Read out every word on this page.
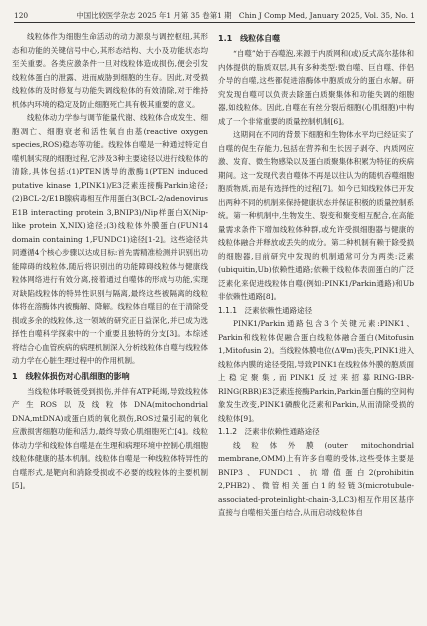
120	中国比较医学杂志 2025 年1 月第 35 卷第1 期　Chin J Comp Med, January 2025, Vol. 35, No. 1

线粒体作为细胞生命活动的动力源泉与调控枢纽,其形态和功能的关键信号中心,其形态结构、大小及功能状态均至关重要。各类应激条件一旦对线粒体造成损伤,便会引发线粒体蛋白的泄露、进而威胁到细胞的生存。因此,对受损线粒体的及时修复与功能失调线粒体的有效清除,对于维持机体内环境的稳定及防止细胞死亡具有极其重要的意义。

线粒体动力学参与调节能量代谢、线粒体合成发生、细胞凋亡、细胞衰老和活性氧自由基(reactive oxygen species,ROS)稳态等功能。线粒体自噬是一种通过特定自噬机制实现的细胞过程,它涉及3种主要途径以进行线粒体的清除,具体包括:(1)PTEN诱导的激酶1(PTEN induced putative kinase 1,PINK1)/E3泛素连接酶Parkin途径;(2)BCL-2/E1B腺病毒相互作用蛋白3(BCL-2/adenovirus E1B interacting protein 3,BNIP3)/Nip样蛋白X(Nip-like protein X,NIX)途径;(3)线粒体外膜蛋白(FUN14 domain containing 1,FUNDC1)途径[1-2]。这些途径共同遵循4个核心步骤以达成目标:首先需精准检测并识别出功能障碍的线粒体,随后将识别出的功能障碍线粒体与健康线粒体网络进行有效分离,接着通过自噬体的形成与功能,实现对缺陷线粒体的特异性识别与隔离,最终这些被隔离的线粒体将在溶酶体内被酶解、降解。线粒体自噬目的在于清除受损或多余的线粒体,这一领域的研究正日益深化,并已成为选择性自噬科学探索中的一个重要且独特的分支[3]。本综述将结合心血管疾病的病理机制深入分析线粒体自噬与线粒体动力学在心脏生理过程中的作用机制。

1　线粒体损伤对心肌细胞的影响

当线粒体呼吸链受到损伤,并伴有ATP耗竭,导致线粒体产生ROS以及线粒体DNA(mitochondrial DNA,mtDNA)或蛋白质的氧化损伤,ROS过量引起的氧化应激损害细胞功能和活力,最终导致心肌细胞死亡[4]。线粒体动力学和线粒体自噬是在生理和病理环境中控制心肌细胞线粒体健康的基本机制。线粒体自噬是一种线粒体特异性的自噬形式,是靶向和消除受损或不必要的线粒体的主要机制[5]。

1.1　线粒体自噬

“自噬”始于吞噬泡,来源于内质网和(或)反式高尔基体和内体提供的脂质双层,具有多种类型:微自噬、巨自噬、伴侣介导的自噬,这些都促进溶酶体中胞质成分的蛋白水解。研究发现自噬可以负责去除蛋白质聚集体和功能失调的细胞器,如线粒体。因此,自噬在有丝分裂后细胞(心肌细胞)中构成了一个非常重要的质量控制机制[6]。

这期间在不同的背景下细胞和生物体水平均已经证实了自噬的促生存能力,包括在营养和生长因子剥夺、内质网应激、发育、微生物感染以及蛋白质聚集体积累为特征的疾病期间。这一发现代表自噬体不再是以往认为的随机吞噬细胞胞质物质,而是有选择性的过程[7]。如今已知线粒体已开发出两种不同的机制来保持健康状态并保证积极的质量控制系统。第一种机制中,生物发生、裂变和聚变相互配合,在高能量需求条件下增加线粒体种群,或允许受损细胞器与健康的线粒体融合并释放或丢失的成分。第二种机制有赖于除受损的细胞器,目前研究中发现的机制通常可分为两类:泛素(ubiquitin,Ub)依赖性通路;依赖于线粒体表面蛋白的广泛泛素化来促进线粒体自噬(例如:PINK1/Parkin通路)和Ub非依赖性通路[8]。

1.1.1　泛素依赖性通路途径

PINK1/Parkin通路包含3个关键元素:PINK1、Parkin和线粒体促融合蛋白线粒体融合蛋白(Mitofusin 1,Mitofusin 2)。当线粒体膜电位(ΔΨm)丧失,PINK1进入线粒体内膜的途径受阻,导致PINK1在线粒体外膜的胞质面上稳定聚集,而PINK1反过来招募RING-IBR-RING(RBR)E3泛素连接酶Parkin,Parkin蛋白酶的空间构象发生改变,PINK1磷酸化泛素和Parkin,从而清除受损的线粒体[9]。

1.1.2　泛素非依赖性通路途径

线粒体外膜(outer mitochondrial membrane,OMM)上有许多自噬的受体,这些受体主要是BNIP3、FUNDC1、抗增值蛋白2(prohibitin 2,PHB2)、微管相关蛋白1的轻链3(microtubule-associated-proteinlight-chain-3,LC3)相互作用区基序直接与自噬相关蛋白结合,从而启动线粒体自
